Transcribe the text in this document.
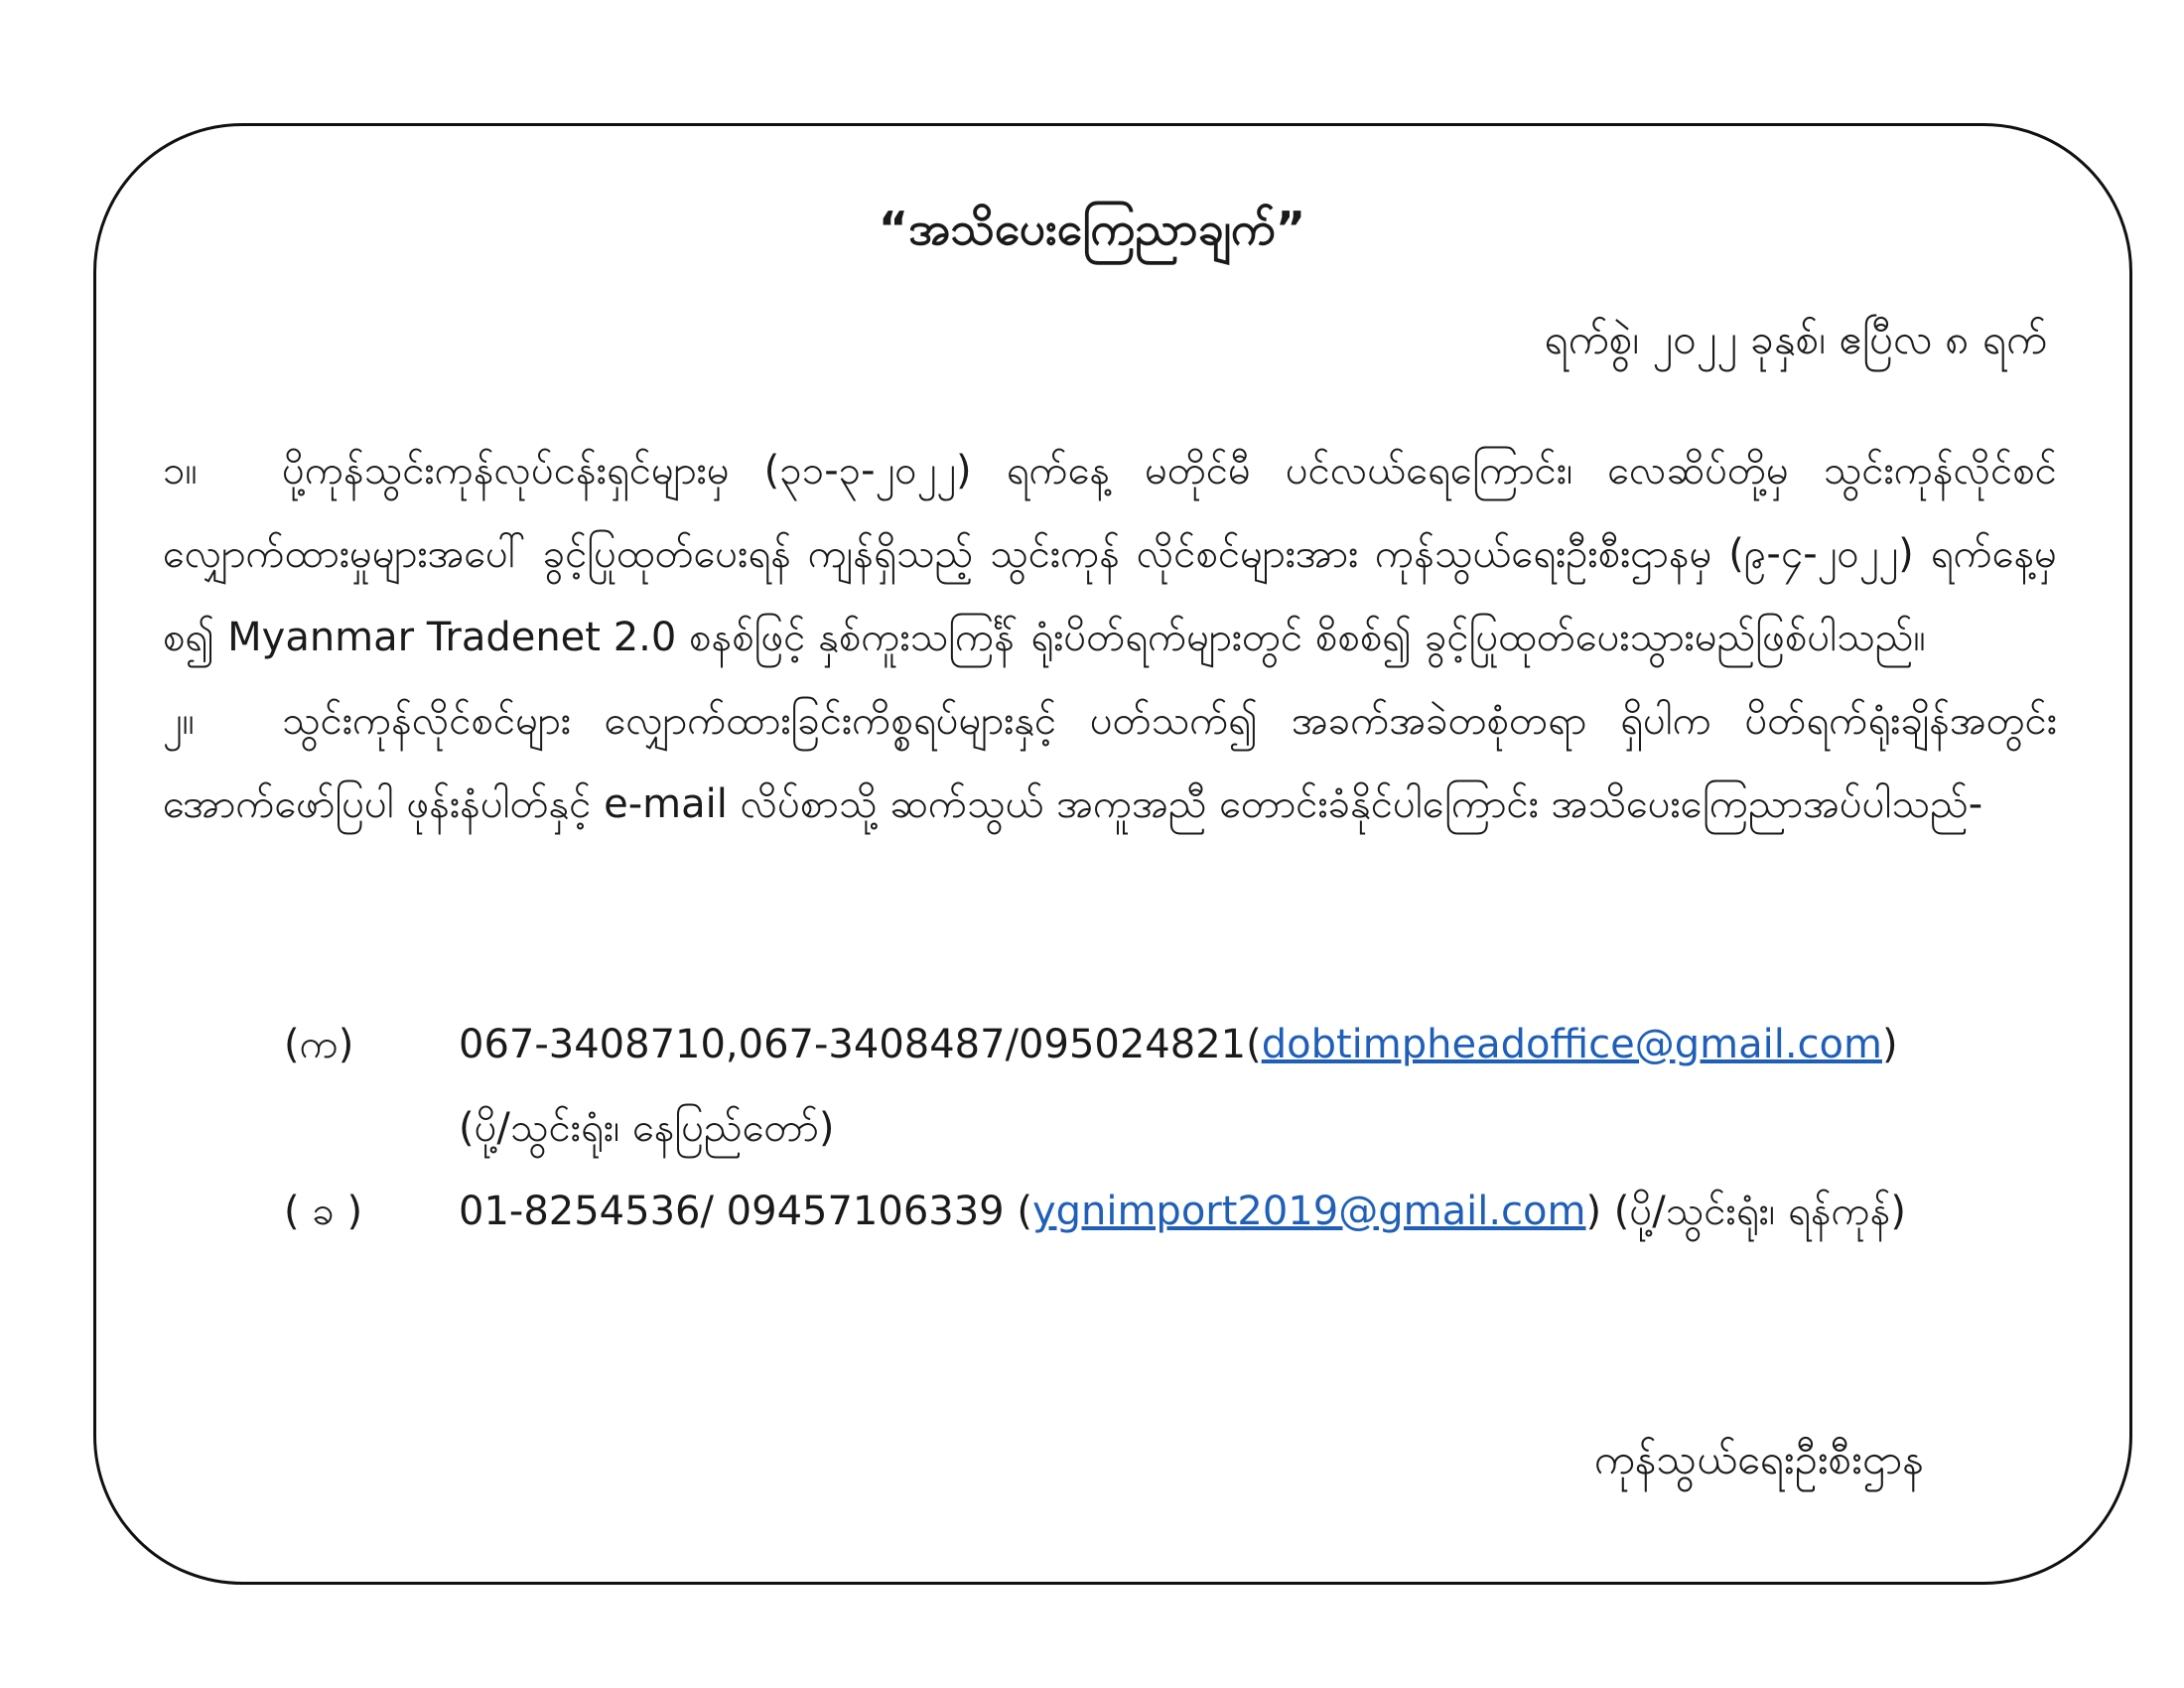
“အသိပေးကြေညာချက်”
ရက်စွဲ၊ ၂၀၂၂ ခုနှစ်၊ ဧပြီလ ၈ ရက်

၁။ ပို့ကုန်သွင်းကုန်လုပ်ငန်းရှင်များမှ (၃၁-၃-၂၀၂၂) ရက်နေ့ မတိုင်မီ ပင်လယ်ရေကြောင်း၊ လေဆိပ်တို့မှ သွင်းကုန်လိုင်စင်လျှောက်ထားမှုများအပေါ် ခွင့်ပြုထုတ်ပေးရန် ကျန်ရှိသည့် သွင်းကုန် လိုင်စင်များအား ကုန်သွယ်ရေးဦးစီးဌာနမှ (၉-၄-၂၀၂၂) ရက်နေ့မှစ၍ Myanmar Tradenet 2.0 စနစ်ဖြင့် နှစ်ကူးသကြင်္န် ရုံးပိတ်ရက်များတွင် စိစစ်၍ ခွင့်ပြုထုတ်ပေးသွားမည်ဖြစ်ပါသည်။

၂။ သွင်းကုန်လိုင်စင်များ လျှောက်ထားခြင်းကိစ္စရပ်များနှင့် ပတ်သက်၍ အခက်အခဲတစုံတရာ ရှိပါက ပိတ်ရက်ရုံးချိန်အတွင်း အောက်ဖော်ပြပါ ဖုန်းနံပါတ်နှင့် e-mail လိပ်စာသို့ ဆက်သွယ် အကူအညီ တောင်းခံနိုင်ပါကြောင်း အသိပေးကြေညာအပ်ပါသည်-

(က)	067-3408710,067-3408487/095024821(dobtimpheadoffice@gmail.com)
(ပို့/သွင်းရုံး၊ နေပြည်တော်)
( ခ ) 01-8254536/ 09457106339 (ygnimport2019@gmail.com) (ပို့/သွင်းရုံး၊ ရန်ကုန်)
ကုန်သွယ်ရေးဦးစီးဌာန
